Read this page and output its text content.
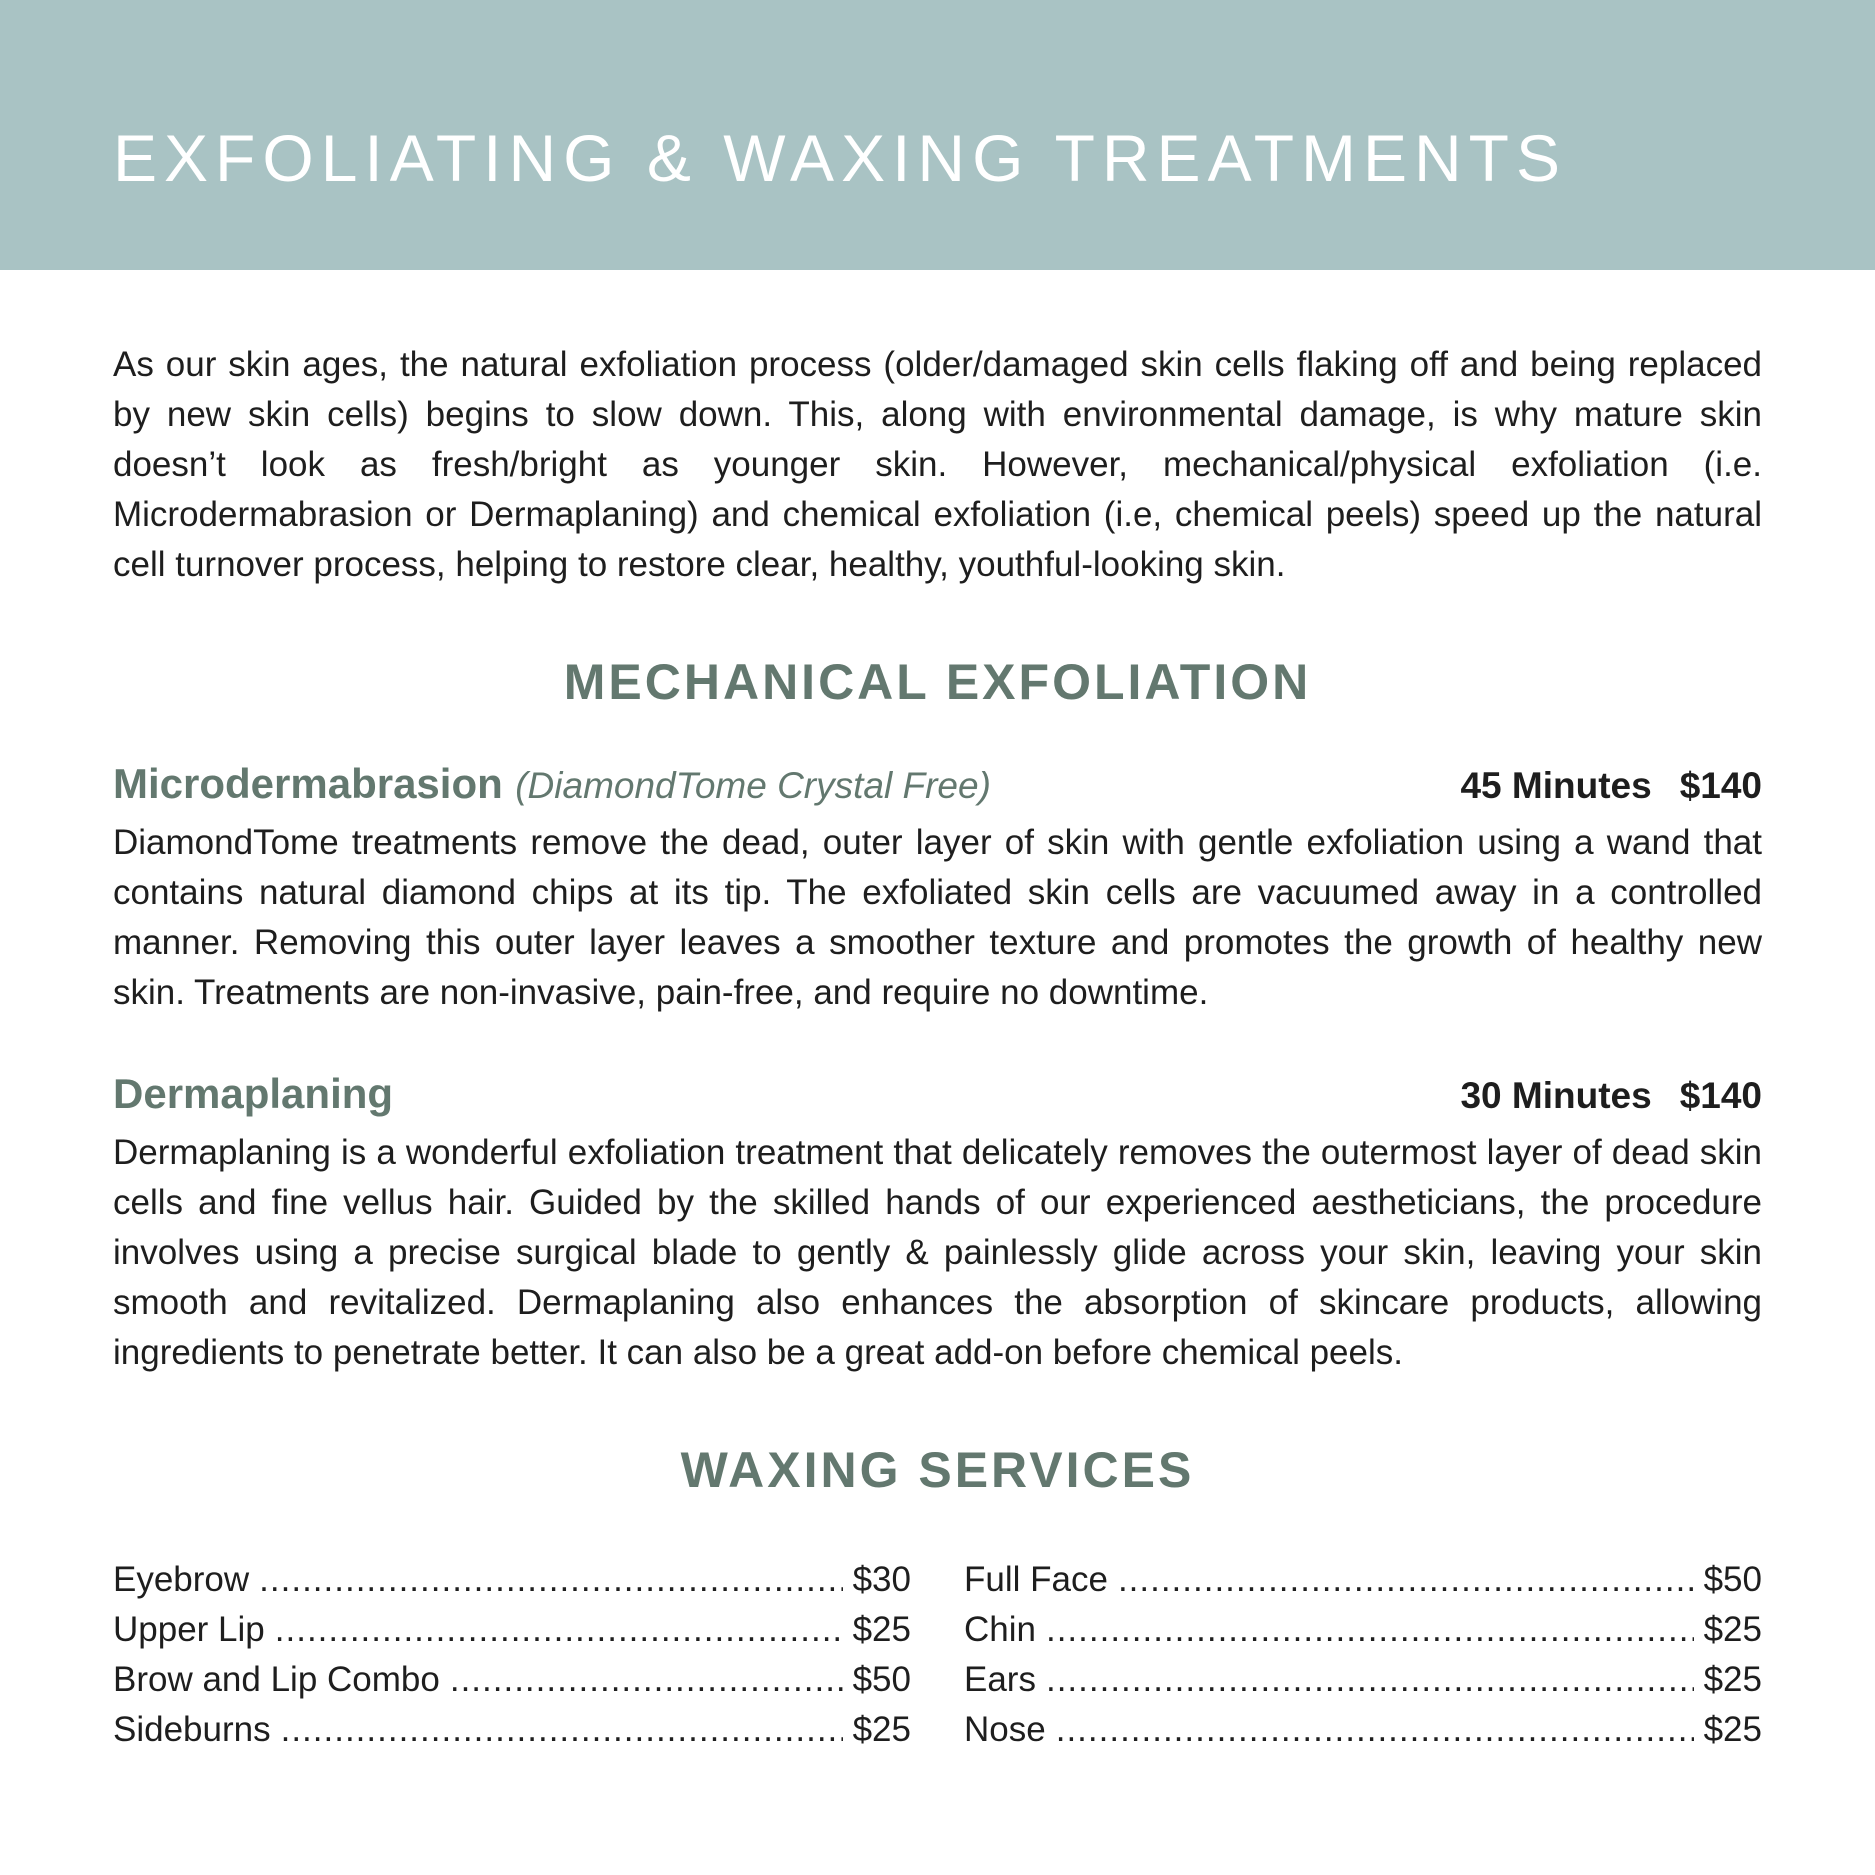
EXFOLIATING & WAXING TREATMENTS

As our skin ages, the natural exfoliation process (older/damaged skin cells flaking off and being replaced by new skin cells) begins to slow down. This, along with environmental damage, is why mature skin doesn’t look as fresh/bright as younger skin. However, mechanical/physical exfoliation (i.e. Microdermabrasion or Dermaplaning) and chemical exfoliation (i.e, chemical peels) speed up the natural cell turnover process, helping to restore clear, healthy, youthful-looking skin.

MECHANICAL EXFOLIATION
Microdermabrasion (DiamondTome Crystal Free)	45 Minutes $140

DiamondTome treatments remove the dead, outer layer of skin with gentle exfoliation using a wand that contains natural diamond chips at its tip. The exfoliated skin cells are vacuumed away in a controlled manner. Removing this outer layer leaves a smoother texture and promotes the growth of healthy new skin. Treatments are non-invasive, pain-free, and require no downtime.

Dermaplaning	30 Minutes $140

Dermaplaning is a wonderful exfoliation treatment that delicately removes the outermost layer of dead skin cells and fine vellus hair. Guided by the skilled hands of our experienced aestheticians, the procedure involves using a precise surgical blade to gently & painlessly glide across your skin, leaving your skin smooth and revitalized. Dermaplaning also enhances the absorption of skincare products, allowing ingredients to penetrate better. It can also be a great add-on before chemical peels.

WAXING SERVICES
Eyebrow .....	$30
Upper Lip .....	$25
Brow and Lip Combo .....	$50
Sideburns .....	$25
Full Face .....	$50
Chin .....	$25
Ears .....	$25
Nose .....	$25
